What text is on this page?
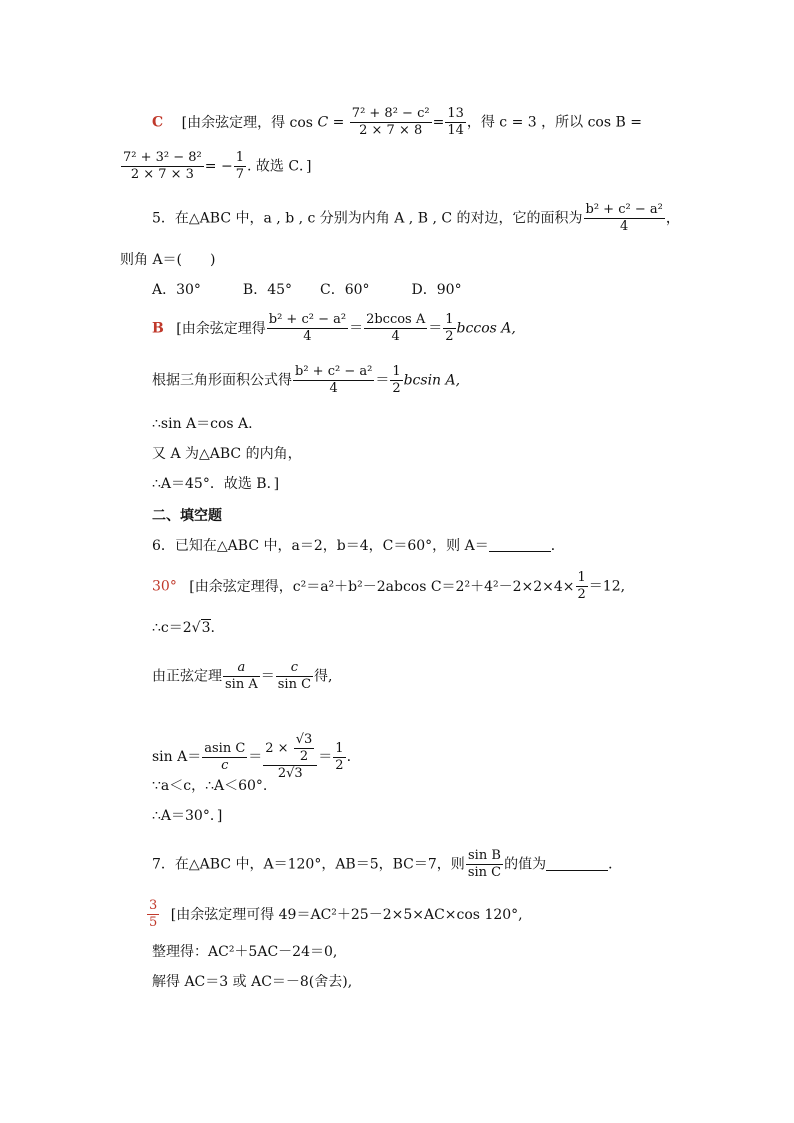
C [由余弦定理，得 $\cos C = \frac{\text{7² + 8² − c²}}{2 \times 7 \times 8} = \frac{13}{14}$ ，得 c = 3 ，所以 cos B =
$\frac{\text{7² + 3² − 8²}}{2 \times 7 \times 3}$ = − $\frac{1}{7}$ . 故选 C．]
5．在△ABC 中，a , b , c 分别为内角 A , B , C 的对边，它的面积为 $\frac{\text{b² + c² − a²}}{4}$ ，
则角 A＝(　　)
A．30°　　　B．45°　　C．60°　　　D．90°
B [由余弦定理得 $\frac{\text{b² + c² − a²}}{4} = \frac{\text{2bccos A}}{4} = \frac{1}{2}$ bccos A,
根据三角形面积公式得 $\frac{\text{b² + c² − a²}}{4} = \frac{1}{2}$ bcsin A,
∴sin A＝cos A.
又 A 为△ABC 的内角，
∴A＝45°．故选 B．]
二、填空题
6．已知在△ABC 中，a＝2，b＝4，C＝60°，则 A＝	．
30° [由余弦定理得，c²＝a²＋b²－2abcos $C=2^2+4^2-2\times 2\times 4\times \frac{1}{2} =12$,
∴c＝2√3.
由正弦定理 $\frac{a}{\text{sin A}} = \frac{c}{\text{sin C}}$ 得,
$\sin A= \frac{\text{asin C}}{c} = \frac{2 \times \frac{√3}{2}}{2√3} = \frac{1}{2}$ .
∵a＜c，∴A＜60°.
∴A＝30°．]
7．在△ABC 中，A＝120°，AB＝5，BC＝7，则 $\frac{\text{sin B}}{\text{sin C}}$ 的值为	．
$\frac{3}{5}$ [由余弦定理可得 49＝AC²＋25－2×5×AC×cos 120°,
整理得：AC²＋5AC－24＝0,
解得 AC＝3 或 AC＝－8(舍去),
